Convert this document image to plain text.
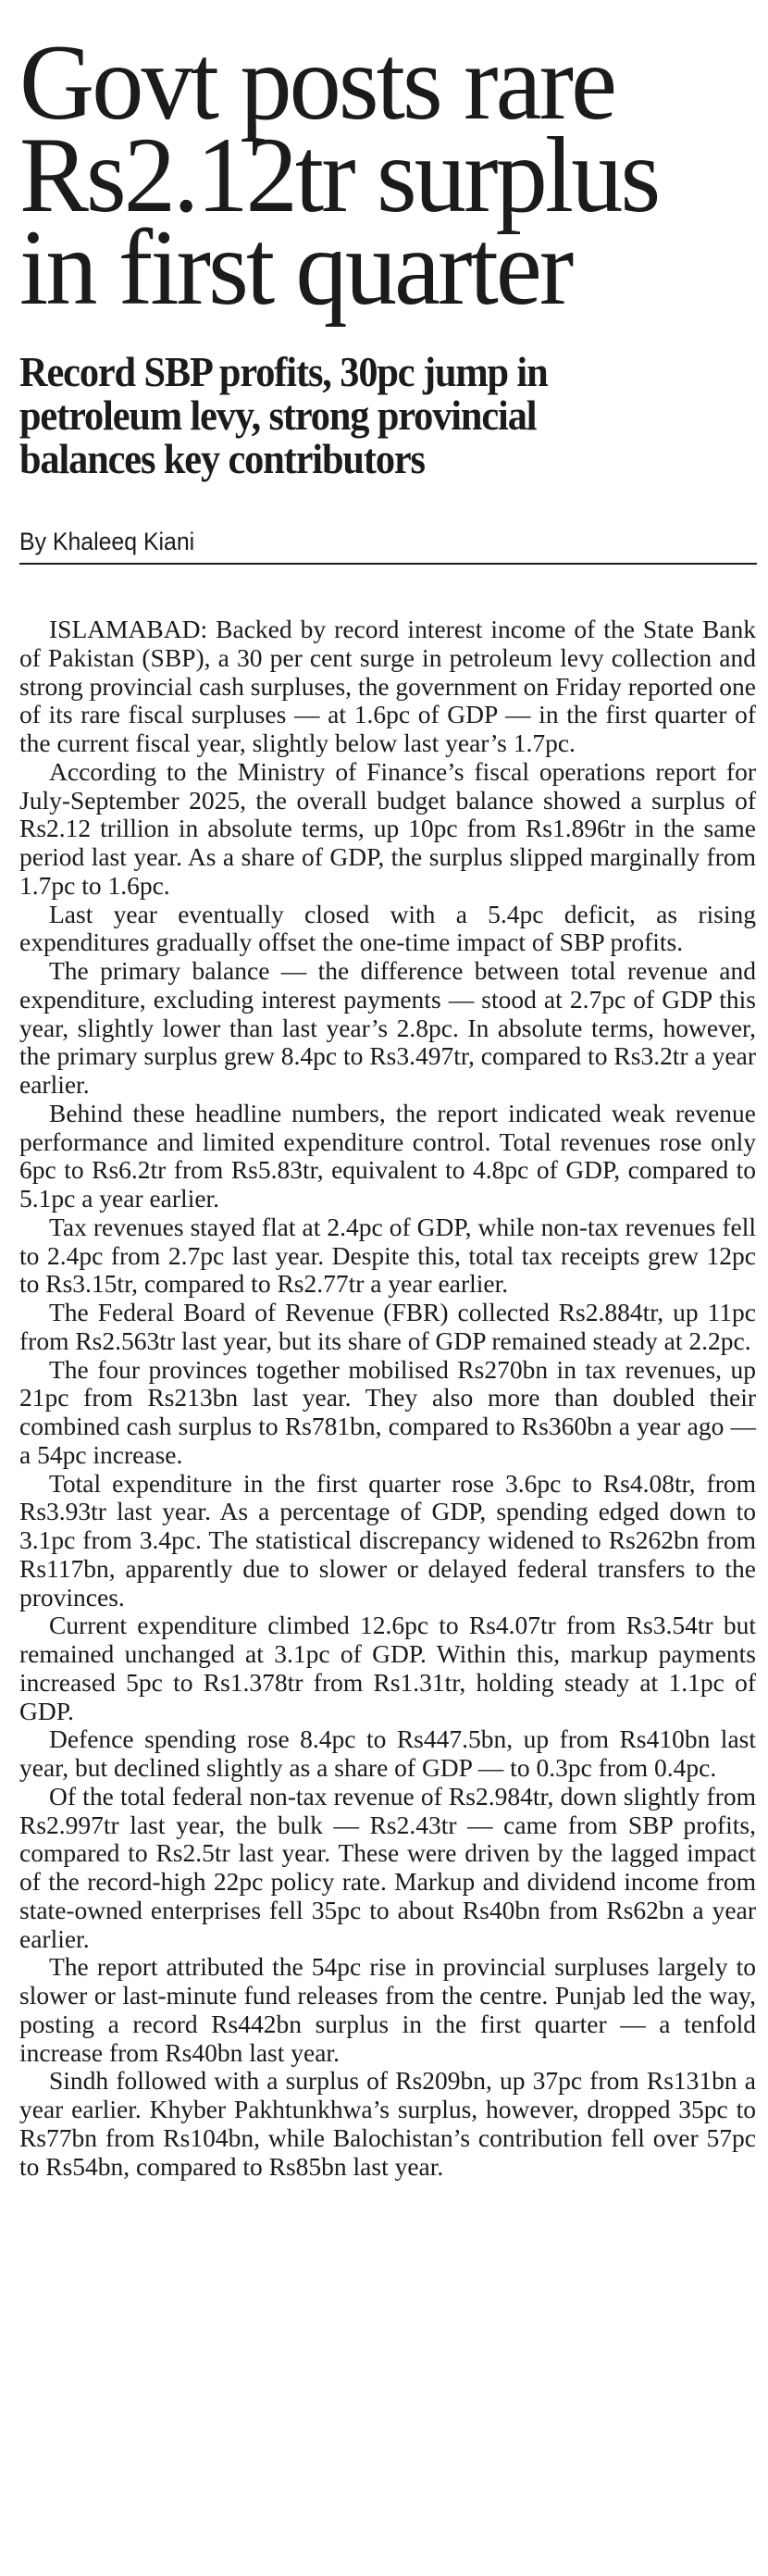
Govt posts rare
Rs2.12tr surplus
in first quarter
Record SBP profits, 30pc jump in
petroleum levy, strong provincial
balances key contributors
By Khaleeq Kiani

ISLAMABAD: Backed by record interest income of the State Bank of Pakistan (SBP), a 30 per cent surge in petroleum levy collection and strong provincial cash surpluses, the government on Friday reported one of its rare fiscal surpluses — at 1.6pc of GDP — in the first quarter of the current fiscal year, slightly below last year’s 1.7pc.

According to the Ministry of Finance’s fiscal operations report for July-September 2025, the overall budget balance showed a surplus of Rs2.12 trillion in absolute terms, up 10pc from Rs1.896tr in the same period last year. As a share of GDP, the surplus slipped marginally from 1.7pc to 1.6pc.

Last year eventually closed with a 5.4pc deficit, as rising expenditures gradually offset the one-time impact of SBP profits.

The primary balance — the difference between total revenue and expenditure, excluding interest payments — stood at 2.7pc of GDP this year, slightly lower than last year’s 2.8pc. In absolute terms, however, the primary surplus grew 8.4pc to Rs3.497tr, compared to Rs3.2tr a year earlier.

Behind these headline numbers, the report indicated weak revenue performance and limited expenditure control. Total revenues rose only 6pc to Rs6.2tr from Rs5.83tr, equivalent to 4.8pc of GDP, compared to 5.1pc a year earlier.

Tax revenues stayed flat at 2.4pc of GDP, while non-tax revenues fell to 2.4pc from 2.7pc last year. Despite this, total tax receipts grew 12pc to Rs3.15tr, compared to Rs2.77tr a year earlier.

The Federal Board of Revenue (FBR) collected Rs2.884tr, up 11pc from Rs2.563tr last year, but its share of GDP remained steady at 2.2pc.

The four provinces together mobilised Rs270bn in tax revenues, up 21pc from Rs213bn last year. They also more than doubled their combined cash surplus to Rs781bn, compared to Rs360bn a year ago — a 54pc increase.

Total expenditure in the first quarter rose 3.6pc to Rs4.08tr, from Rs3.93tr last year. As a percentage of GDP, spending edged down to 3.1pc from 3.4pc. The statistical discrepancy widened to Rs262bn from Rs117bn, apparently due to slower or delayed federal transfers to the provinces.

Current expenditure climbed 12.6pc to Rs4.07tr from Rs3.54tr but remained unchanged at 3.1pc of GDP. Within this, markup payments increased 5pc to Rs1.378tr from Rs1.31tr, holding steady at 1.1pc of GDP.

Defence spending rose 8.4pc to Rs447.5bn, up from Rs410bn last year, but declined slightly as a share of GDP — to 0.3pc from 0.4pc.

Of the total federal non-tax revenue of Rs2.984tr, down slightly from Rs2.997tr last year, the bulk — Rs2.43tr — came from SBP profits, compared to Rs2.5tr last year. These were driven by the lagged impact of the record-high 22pc policy rate. Markup and dividend income from state-owned enterprises fell 35pc to about Rs40bn from Rs62bn a year earlier.

The report attributed the 54pc rise in provincial surpluses largely to slower or last-minute fund releases from the centre. Punjab led the way, posting a record Rs442bn surplus in the first quarter — a tenfold increase from Rs40bn last year.

Sindh followed with a surplus of Rs209bn, up 37pc from Rs131bn a year earlier. Khyber Pakhtunkhwa’s surplus, however, dropped 35pc to Rs77bn from Rs104bn, while Balochistan’s contribution fell over 57pc to Rs54bn, compared to Rs85bn last year.
